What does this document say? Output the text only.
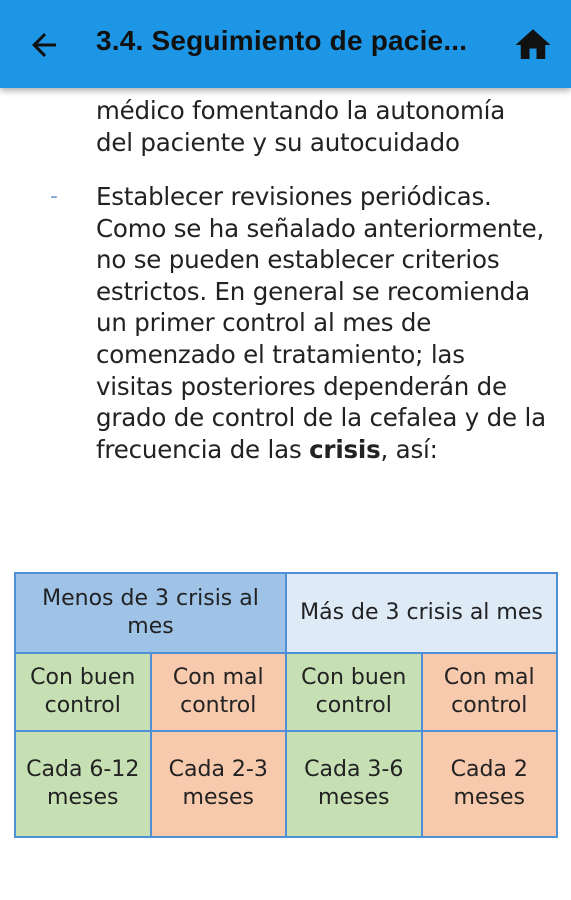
3.4. Seguimiento de pacie...
médico fomentando la autonomía del paciente y su autocuidado
- Establecer revisiones periódicas. Como se ha señalado anteriormente, no se pueden establecer criterios estrictos. En general se recomienda un primer control al mes de comenzado el tratamiento; las visitas posteriores dependerán de grado de control de la cefalea y de la frecuencia de las crisis, así:
Menos de 3 crisis al mes		Más de 3 crisis al mes	
Con buen control	Con mal control	Con buen control	Con mal control
Cada 6-12 meses	Cada 2-3 meses	Cada 3-6 meses	Cada 2 meses
